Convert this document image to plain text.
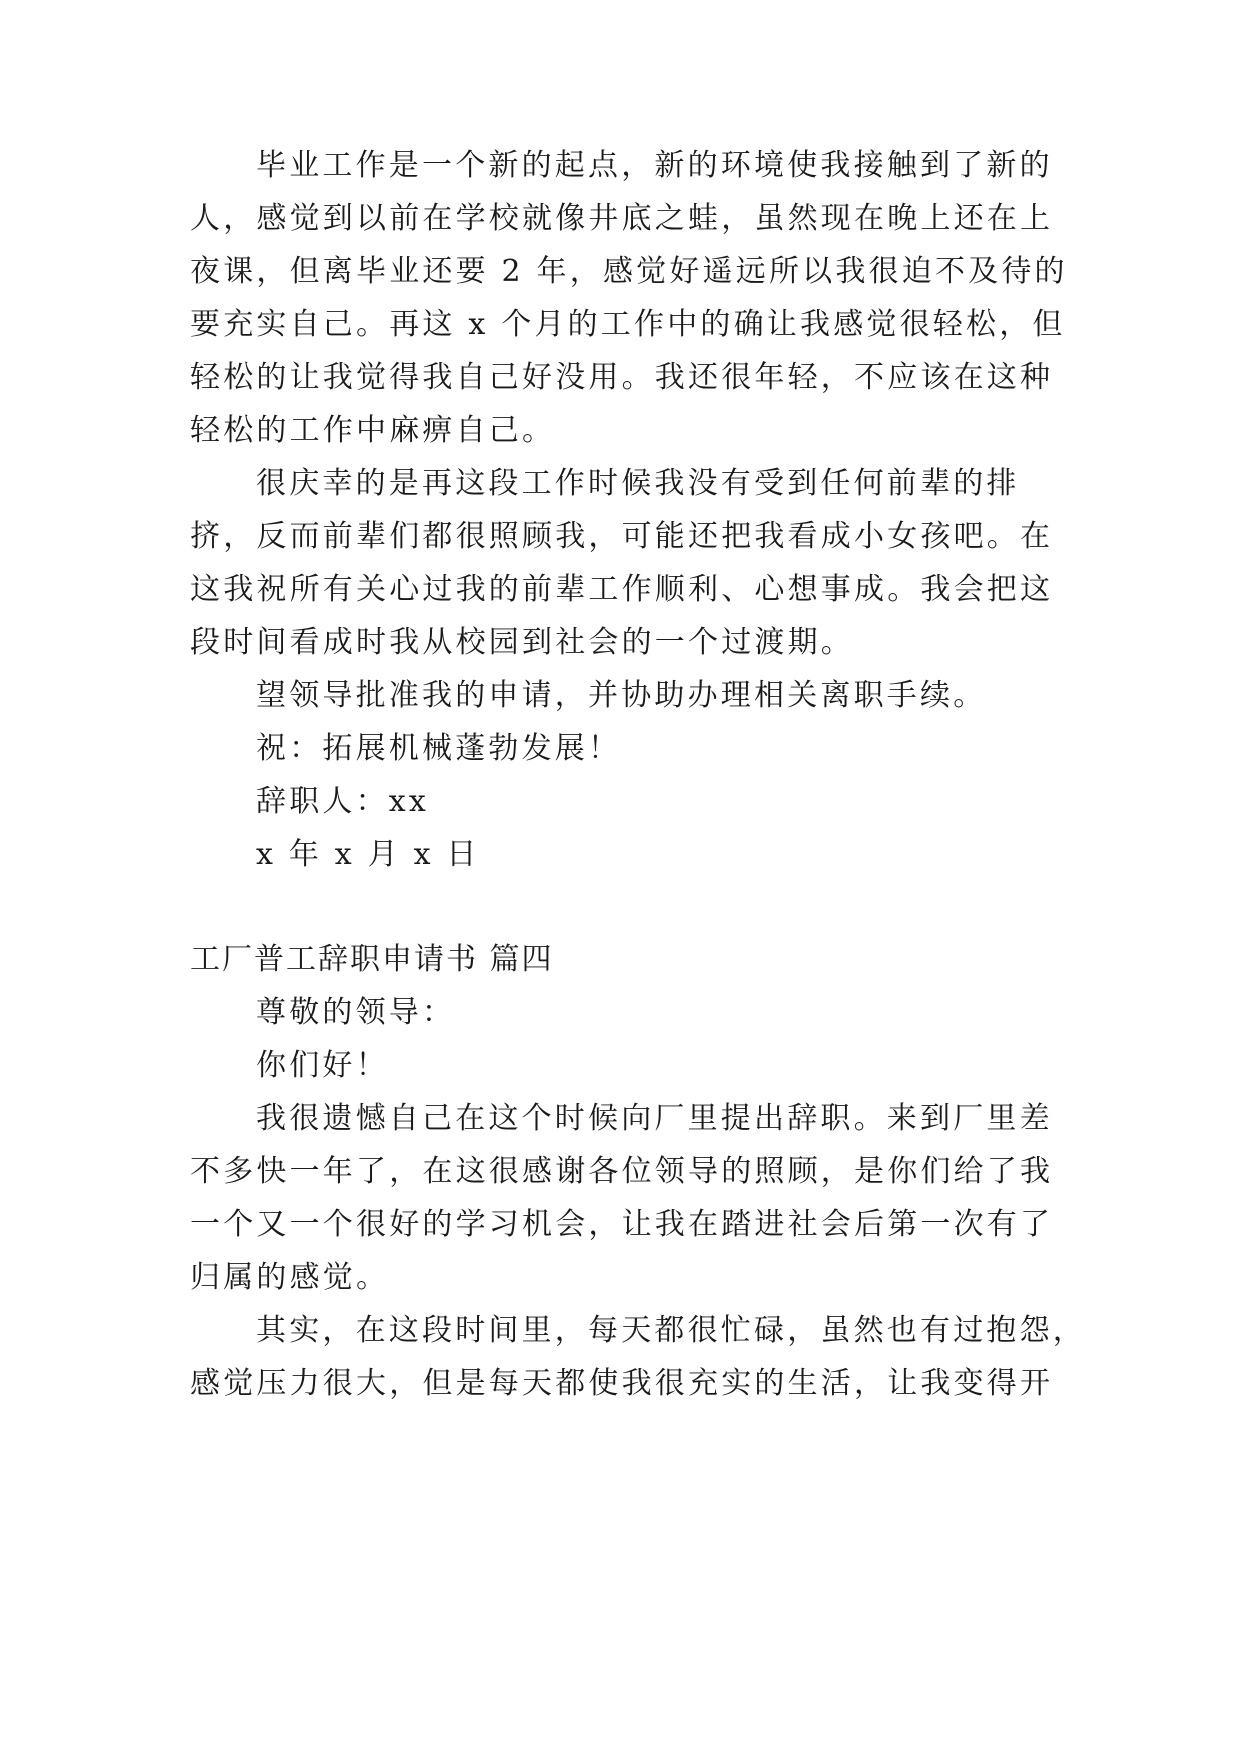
毕业工作是一个新的起点，新的环境使我接触到了新的
人，感觉到以前在学校就像井底之蛙，虽然现在晚上还在上
夜课，但离毕业还要 2 年，感觉好遥远所以我很迫不及待的
要充实自己。再这 x 个月的工作中的确让我感觉很轻松，但
轻松的让我觉得我自己好没用。我还很年轻，不应该在这种
轻松的工作中麻痹自己。
很庆幸的是再这段工作时候我没有受到任何前辈的排
挤，反而前辈们都很照顾我，可能还把我看成小女孩吧。在
这我祝所有关心过我的前辈工作顺利、心想事成。我会把这
段时间看成时我从校园到社会的一个过渡期。
望领导批准我的申请，并协助办理相关离职手续。
祝：拓展机械蓬勃发展！
辞职人：xx
x 年 x 月 x 日
工厂普工辞职申请书 篇四
尊敬的领导：
你们好！
我很遗憾自己在这个时候向厂里提出辞职。来到厂里差
不多快一年了，在这很感谢各位领导的照顾，是你们给了我
一个又一个很好的学习机会，让我在踏进社会后第一次有了
归属的感觉。
其实，在这段时间里，每天都很忙碌，虽然也有过抱怨，
感觉压力很大，但是每天都使我很充实的生活，让我变得开
